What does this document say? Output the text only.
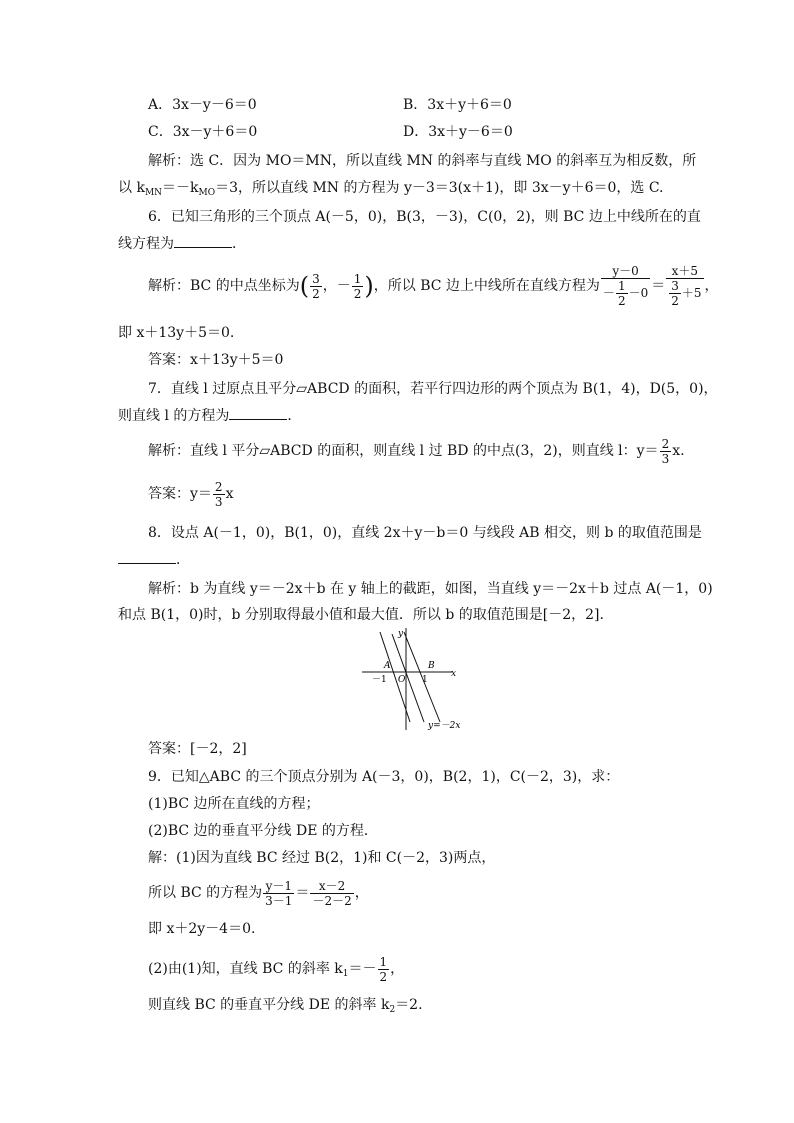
A．3x－y－6＝0	B．3x＋y＋6＝0
C．3x－y＋6＝0	D．3x＋y－6＝0
解析：选 C．因为 MO＝MN，所以直线 MN 的斜率与直线 MO 的斜率互为相反数，所
以 $k_{MN}=-k_{MO}=3$，所以直线 MN 的方程为 y－3＝3(x＋1)，即 3x－y＋6＝0，选 C.
6．已知三角形的三个顶点 A(－5，0)，B(3，－3)，C(0，2)，则 BC 边上中线所在的直
线方程为	．
解析：BC 的中点坐标为( $\frac{3}{2}$ ，－ $\frac{1}{2}$ )，所以 BC 边上中线所在直线方程为 $\frac{y-0}{- \frac{1}{2} -0} = \frac{x+5}{\frac{3}{2} +5}$ ，
即 x＋13y＋5＝0.
答案：x＋13y＋5＝0
7．直线 l 过原点且平分▱ABCD 的面积，若平行四边形的两个顶点为 B(1，4)，D(5，0)，
则直线 l 的方程为	．
解析：直线 l 平分▱ABCD 的面积，则直线 l 过 BD 的中点(3，2)，则直线 l：$y= \frac{2}{3} x$.
答案：$y= \frac{2}{3}$ x
8．设点 A(－1，0)，B(1，0)，直线 2x＋y－b＝0 与线段 AB 相交，则 b 的取值范围是
．
解析：b 为直线 y＝－2x＋b 在 y 轴上的截距，如图，当直线 y＝－2x＋b 过点 A(－1，0)
和点 B(1，0)时，b 分别取得最小值和最大值．所以 b 的取值范围是[－2，2].
y
x
A	B
O
－1	1
y=－2x
答案：[－2，2]
9．已知△ABC 的三个顶点分别为 A(－3，0)，B(2，1)，C(－2，3)，求：
(1)BC 边所在直线的方程；
(2)BC 边的垂直平分线 DE 的方程．
解：(1)因为直线 BC 经过 B(2，1)和 C(－2，3)两点，
所以 BC 的方程为 $\frac{y-1}{3-1} = \frac{x-2}{-2-2}$ ，
即 x＋2y－4＝0.
(2)由(1)知，直线 BC 的斜率 $k_1=- \frac{1}{2}$ ，
则直线 BC 的垂直平分线 DE 的斜率 $k_2=2$.
